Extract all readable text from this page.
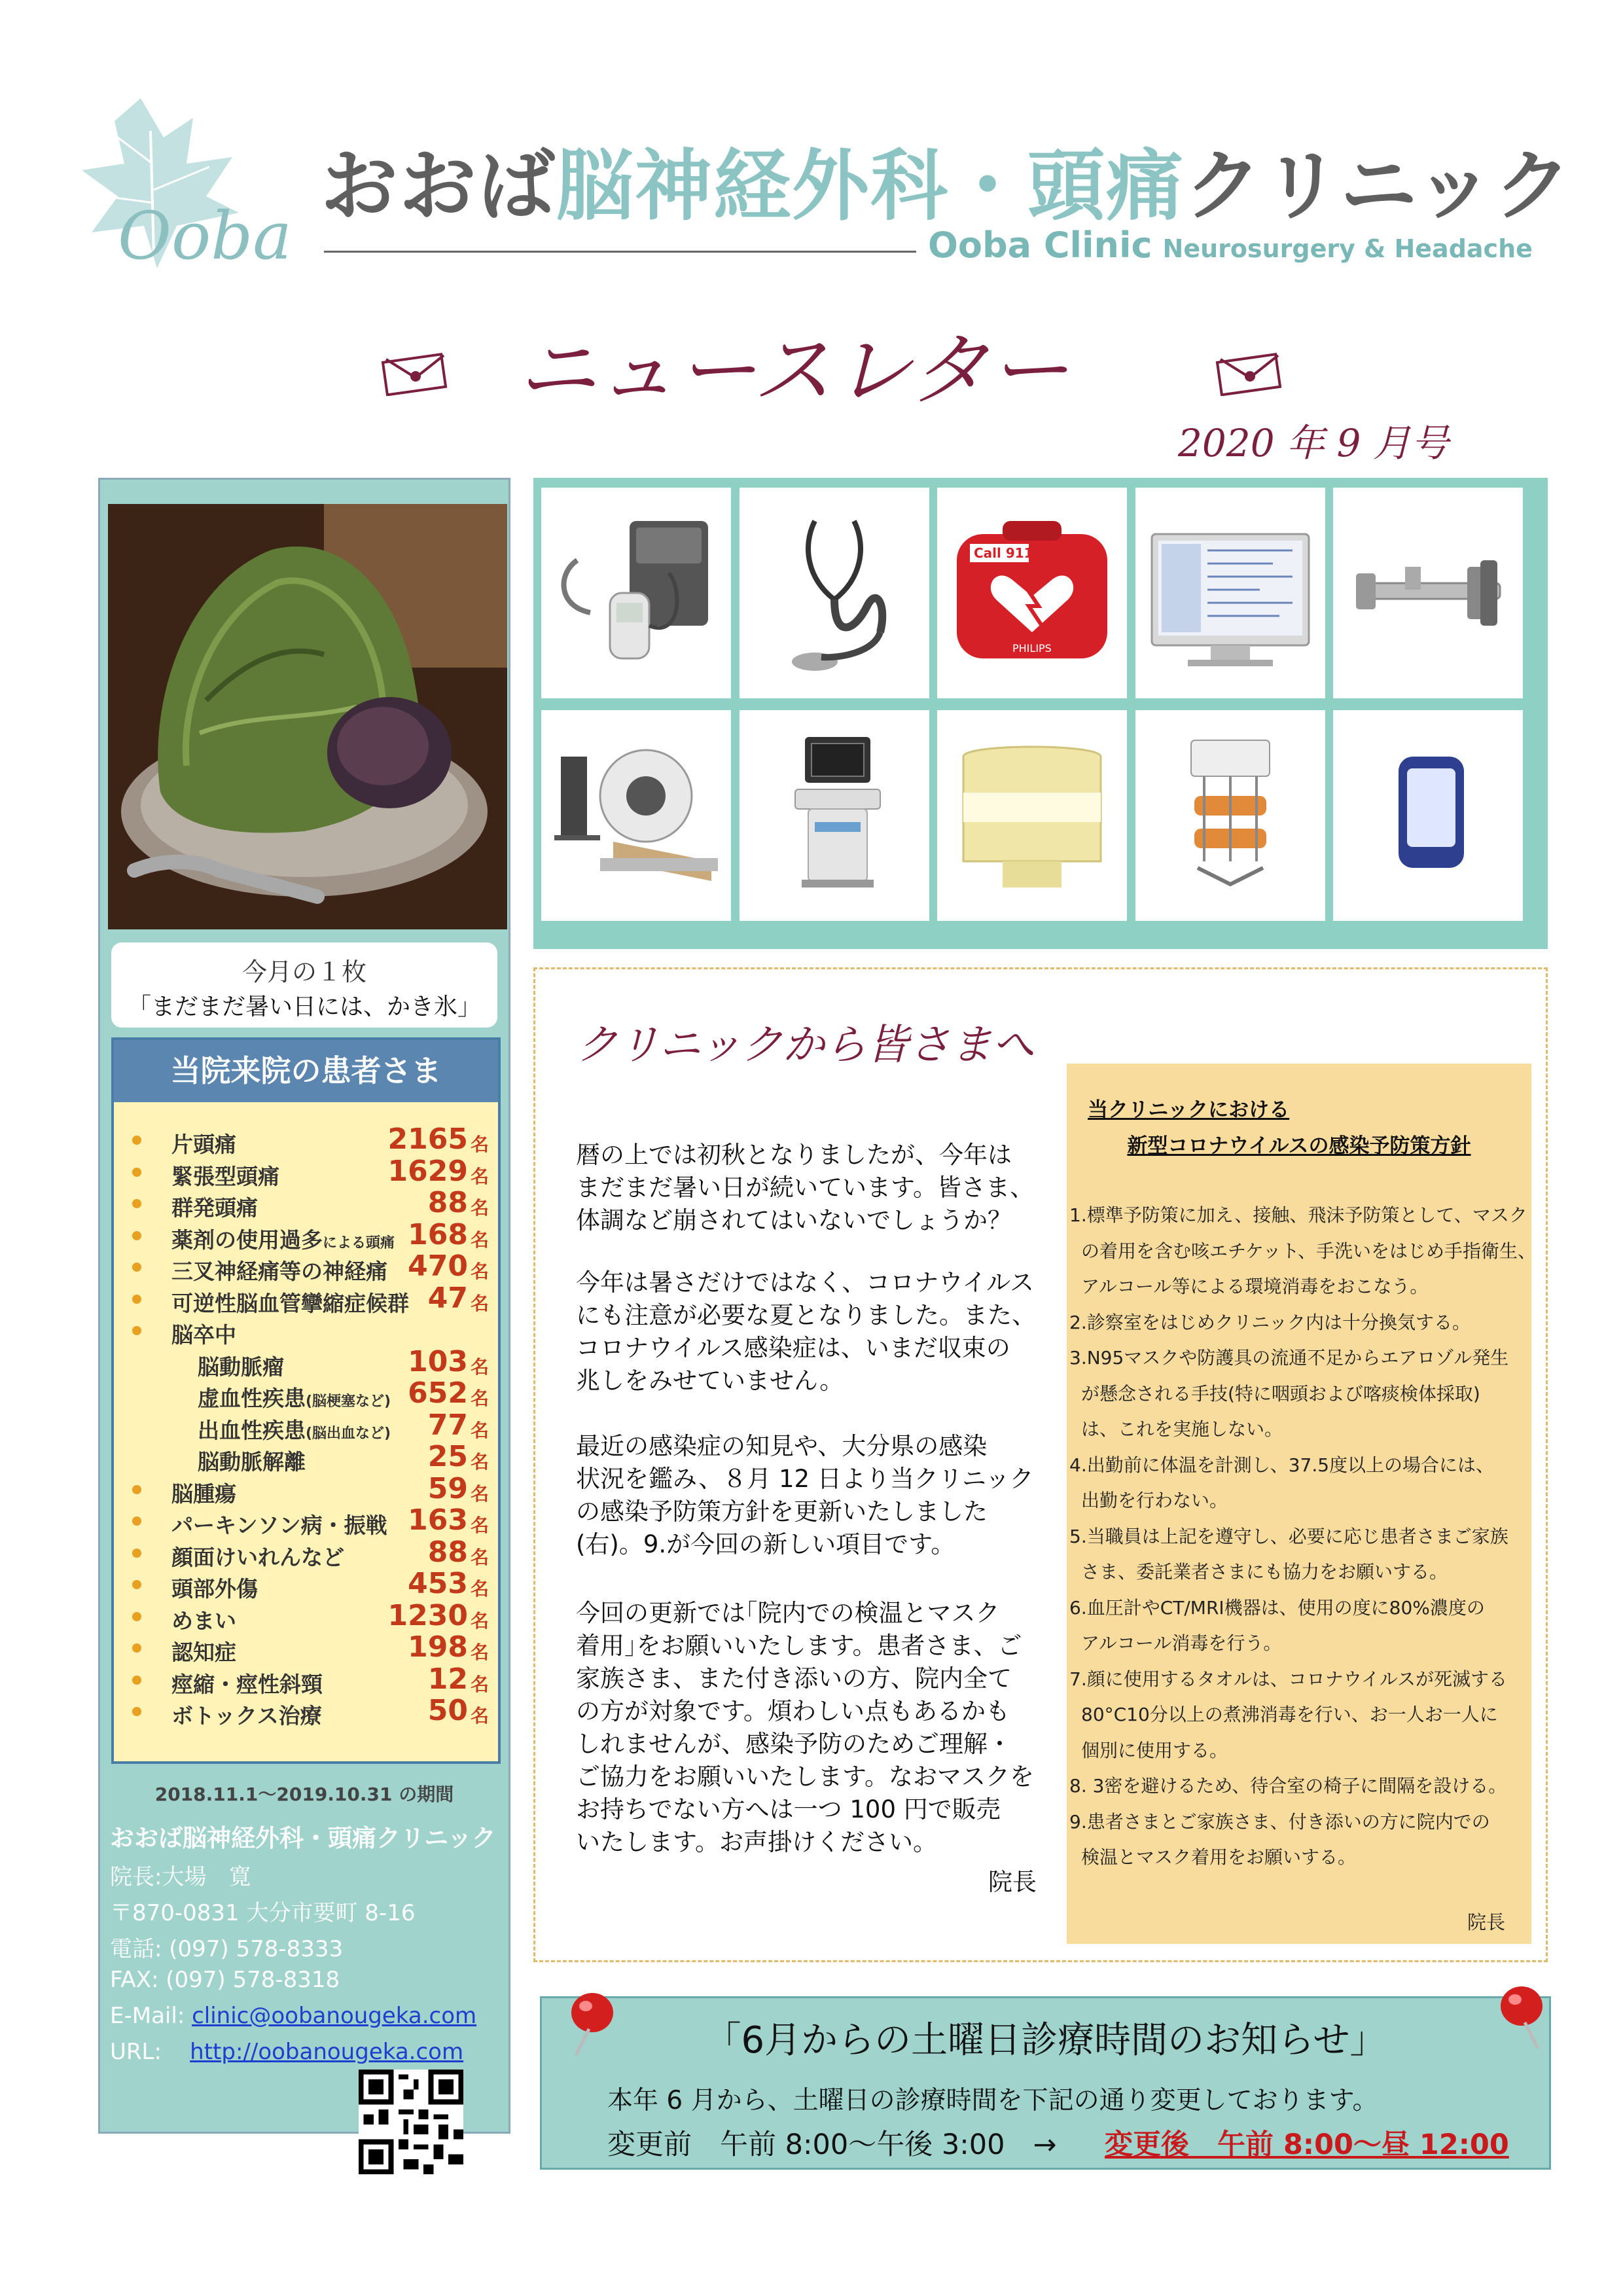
Ooba
おおば脳神経外科・頭痛クリニック
Ooba Clinic Neurosurgery & Headache
ニュースレター
2020 年 9 月号
今月の１枚
「まだまだ暑い日には、かき氷」
当院来院の患者さま
片頭痛	2165 名
緊張型頭痛	1629 名
群発頭痛	88 名
薬剤の使用過多による頭痛 168 名
三叉神経痛等の神経痛 470 名
可逆性脳血管攣縮症候群 47 名
脳卒中
脳動脈瘤	103 名
虚血性疾患(脳梗塞など) 652 名
出血性疾患(脳出血など) 77 名
脳動脈解離	25 名
脳腫瘍	59 名
パーキンソン病・振戦 163 名
顔面けいれんなど	88 名
頭部外傷	453 名
めまい	1230 名
認知症	198 名
痙縮・痙性斜頸	12 名
ボトックス治療	50 名
2018.11.1～2019.10.31 の期間
おおば脳神経外科・頭痛クリニック
院長:大場　寛
〒870-0831 大分市要町 8-16
電話: (097) 578-8333
FAX: (097) 578-8318
E-Mail: clinic@oobanougeka.com
URL: http://oobanougeka.com
Call 911
PHILIPS
クリニックから皆さまへ
暦の上では初秋となりましたが、今年は
まだまだ暑い日が続いています。皆さま、
体調など崩されてはいないでしょうか？
今年は暑さだけではなく、コロナウイルス
にも注意が必要な夏となりました。また、
コロナウイルス感染症は、いまだ収束の
兆しをみせていません。
最近の感染症の知見や、大分県の感染
状況を鑑み、８月 12 日より当クリニック
の感染予防策方針を更新いたしました
(右)。9.が今回の新しい項目です。
今回の更新では｢院内での検温とマスク
着用｣をお願いいたします。患者さま、ご
家族さま、また付き添いの方、院内全て
の方が対象です。煩わしい点もあるかも
しれませんが、感染予防のためご理解・
ご協力をお願いいたします。なおマスクを
お持ちでない方へは一つ 100 円で販売
いたします。お声掛けください。
院長
当クリニックにおける
新型コロナウイルスの感染予防策方針
1.標準予防策に加え、接触、飛沫予防策として、マスク
の着用を含む咳エチケット、手洗いをはじめ手指衛生、
アルコール等による環境消毒をおこなう。
2.診察室をはじめクリニック内は十分換気する。
3.N95マスクや防護具の流通不足からエアロゾル発生
が懸念される手技(特に咽頭および喀痰検体採取)
は、これを実施しない。
4.出勤前に体温を計測し、37.5度以上の場合には、
出勤を行わない。
5.当職員は上記を遵守し、必要に応じ患者さまご家族
さま、委託業者さまにも協力をお願いする。
6.血圧計やCT/MRI機器は、使用の度に80%濃度の
アルコール消毒を行う。
7.顔に使用するタオルは、コロナウイルスが死滅する
80°C10分以上の煮沸消毒を行い、お一人お一人に
個別に使用する。
8. 3密を避けるため、待合室の椅子に間隔を設ける。
9.患者さまとご家族さま、付き添いの方に院内での
検温とマスク着用をお願いする。
院長
「6月からの土曜日診療時間のお知らせ」
本年 6 月から、土曜日の診療時間を下記の通り変更しております。
変更前　午前 8:00～午後 3:00　→ 変更後　午前 8:00～昼 12:00
